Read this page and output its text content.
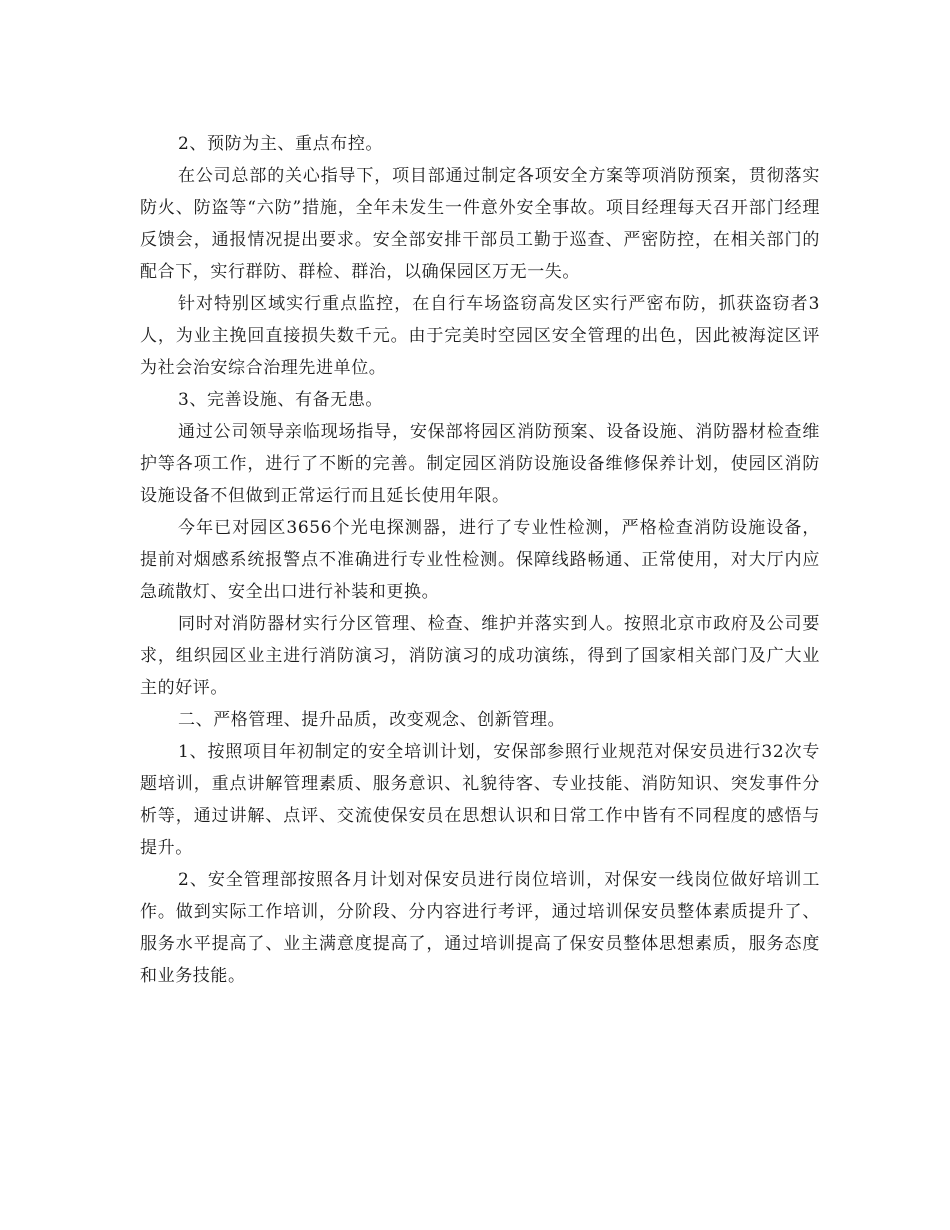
2、预防为主、重点布控。

在公司总部的关心指导下，项目部通过制定各项安全方案等项消防预案，贯彻落实防火、防盗等“六防”措施，全年未发生一件意外安全事故。项目经理每天召开部门经理反馈会，通报情况提出要求。安全部安排干部员工勤于巡查、严密防控，在相关部门的配合下，实行群防、群检、群治，以确保园区万无一失。

针对特别区域实行重点监控，在自行车场盗窃高发区实行严密布防，抓获盗窃者3人，为业主挽回直接损失数千元。由于完美时空园区安全管理的出色，因此被海淀区评为社会治安综合治理先进单位。

3、完善设施、有备无患。

通过公司领导亲临现场指导，安保部将园区消防预案、设备设施、消防器材检查维护等各项工作，进行了不断的完善。制定园区消防设施设备维修保养计划，使园区消防设施设备不但做到正常运行而且延长使用年限。

今年已对园区3656个光电探测器，进行了专业性检测，严格检查消防设施设备，提前对烟感系统报警点不准确进行专业性检测。保障线路畅通、正常使用，对大厅内应急疏散灯、安全出口进行补装和更换。

同时对消防器材实行分区管理、检查、维护并落实到人。按照北京市政府及公司要求，组织园区业主进行消防演习，消防演习的成功演练，得到了国家相关部门及广大业主的好评。

二、严格管理、提升品质，改变观念、创新管理。

1、按照项目年初制定的安全培训计划，安保部参照行业规范对保安员进行32次专题培训，重点讲解管理素质、服务意识、礼貌待客、专业技能、消防知识、突发事件分析等，通过讲解、点评、交流使保安员在思想认识和日常工作中皆有不同程度的感悟与提升。

2、安全管理部按照各月计划对保安员进行岗位培训，对保安一线岗位做好培训工作。做到实际工作培训，分阶段、分内容进行考评，通过培训保安员整体素质提升了、服务水平提高了、业主满意度提高了，通过培训提高了保安员整体思想素质，服务态度和业务技能。
